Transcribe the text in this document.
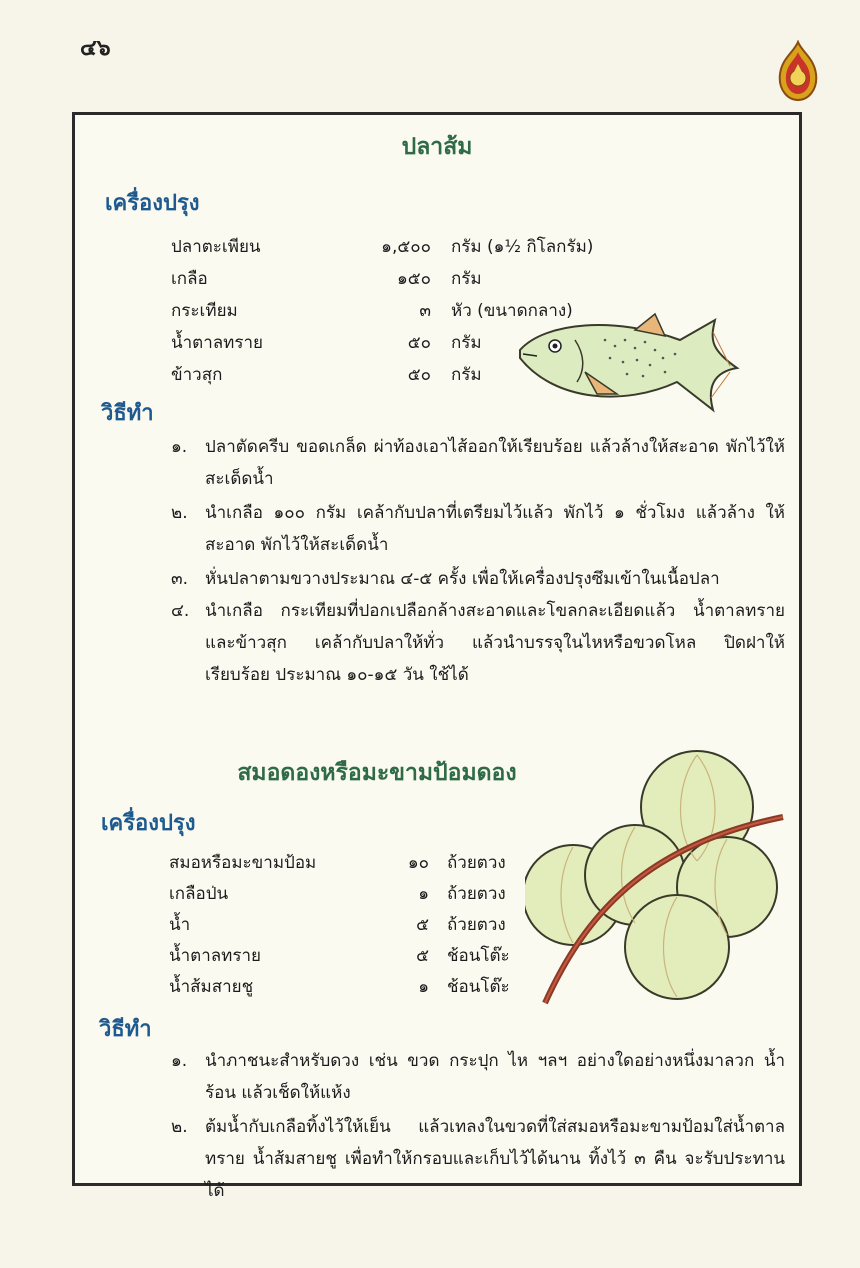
๔๖
ปลาส้ม
เครื่องปรุง
ปลาตะเพียน	๑,๕๐๐ กรัม (๑½ กิโลกรัม)
เกลือ	๑๕๐ กรัม
กระเทียม	๓ หัว (ขนาดกลาง)
น้ำตาลทราย	๕๐ กรัม
ข้าวสุก	๕๐ กรัม
วิธีทำ
๑. ปลาตัดครีบ ขอดเกล็ด ผ่าท้องเอาไส้ออกให้เรียบร้อย แล้วล้างให้สะอาด พักไว้ให้สะเด็ดน้ำ
๒. นำเกลือ ๑๐๐ กรัม เคล้ากับปลาที่เตรียมไว้แล้ว พักไว้ ๑ ชั่วโมง แล้วล้าง ให้สะอาด พักไว้ให้สะเด็ดน้ำ
๓. หั่นปลาตามขวางประมาณ ๔-๕ ครั้ง เพื่อให้เครื่องปรุงซึมเข้าในเนื้อปลา
๔. นำเกลือ กระเทียมที่ปอกเปลือกล้างสะอาดและโขลกละเอียดแล้ว น้ำตาลทราย และข้าวสุก เคล้ากับปลาให้ทั่ว แล้วนำบรรจุในไหหรือขวดโหล ปิดฝาให้ เรียบร้อย ประมาณ ๑๐-๑๕ วัน ใช้ได้
สมอดองหรือมะขามป้อมดอง
เครื่องปรุง
สมอหรือมะขามป้อม	๑๐ ถ้วยตวง
เกลือป่น	๑ ถ้วยตวง
น้ำ	๕ ถ้วยตวง
น้ำตาลทราย	๕ ช้อนโต๊ะ
น้ำส้มสายชู	๑ ช้อนโต๊ะ
วิธีทำ
๑. นำภาชนะสำหรับดวง เช่น ขวด กระปุก ไห ฯลฯ อย่างใดอย่างหนึ่งมาลวก น้ำร้อน แล้วเช็ดให้แห้ง
๒. ต้มน้ำกับเกลือทิ้งไว้ให้เย็น แล้วเทลงในขวดที่ใส่สมอหรือมะขามป้อมใส่น้ำตาล ทราย น้ำส้มสายชู เพื่อทำให้กรอบและเก็บไว้ได้นาน ทิ้งไว้ ๓ คืน จะรับประทานได้
